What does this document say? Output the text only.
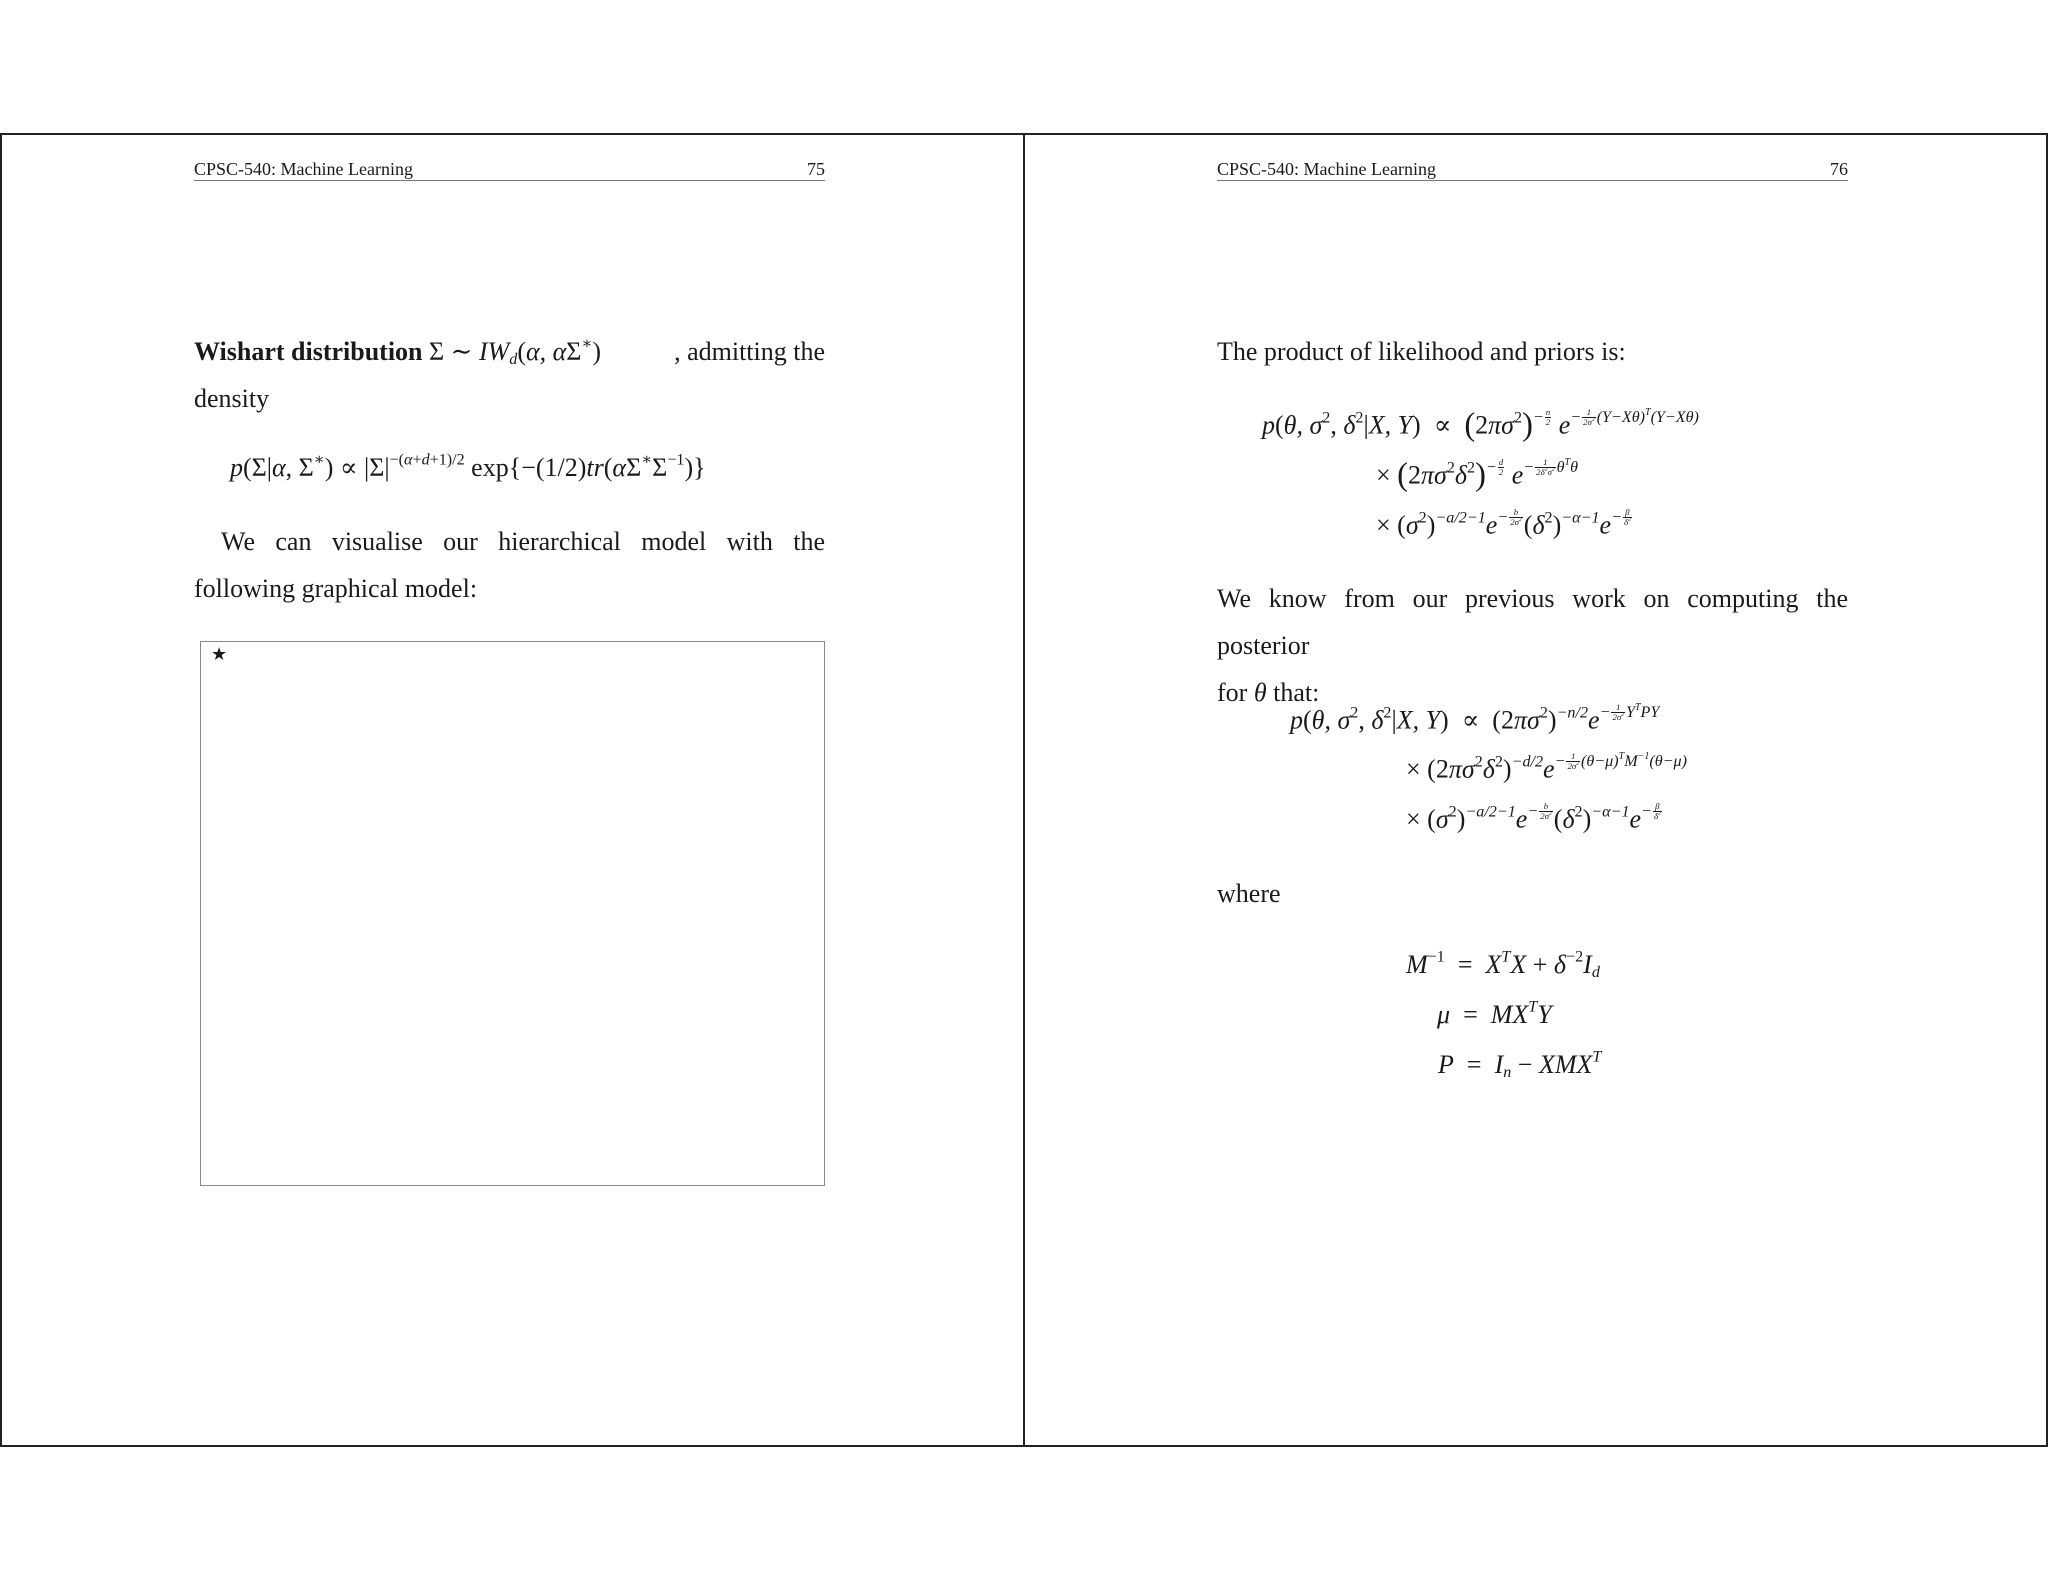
CPSC-540: Machine Learning	75
Wishart distribution Σ ∼ $IW_d(\alpha$, αΣ∗)	, admitting the
density
p(Σ|α, $\Sigma^∗) \propto |\Sigma|^{-(\alpha+d+1)/2}$ $\exp\{-(1/2)tr(\alpha\Sigma^∗\Sigma^{-1})\}$
We can visualise our hierarchical model with the following graphical model:
★
CPSC-540: Machine Learning	76
The product of likelihood and priors is:
p(θ, $\sigma^2$, $\delta^2|X$, $Y) \propto (2\pi\sigma^2)^{- \frac{n}{2}}$ $e^{- \frac{1}{2\sigma^2} (Y-X\theta)^T(Y-X\theta)}$
× $(2\pi\sigma^2\delta^2)^{- \frac{d}{2}}$ $e^{- \frac{1}{2\delta^2\sigma^2} \theta^T\theta}$
× $(\sigma^2)^{-a/2-1}e^{- \frac{b}{2\sigma^2}}$ $(\delta^2)^{-\alpha-1}e^{- \frac{\beta}{\delta^2}}$
We know from our previous work on computing the posterior
for θ that:
p(θ, $\sigma^2$, $\delta^2|X$, $Y) \propto (2\pi\sigma^2)^{-n/2}e^{- \frac{1}{2\sigma^2} Y^TPY}$
× $(2\pi\sigma^2\delta^2)^{-d/2}e^{- \frac{1}{2\sigma^2} (\theta-\mu)^TM^{-1}(\theta-\mu)}$
× $(\sigma^2)^{-a/2-1}e^{- \frac{b}{2\sigma^2}}$ $(\delta^2)^{-\alpha-1}e^{- \frac{\beta}{\delta^2}}$
where
$M^{-1} = X^TX + \delta^{-2}I_d$
$\mu = MX^TY$
$P = I_n - XMX^T$
